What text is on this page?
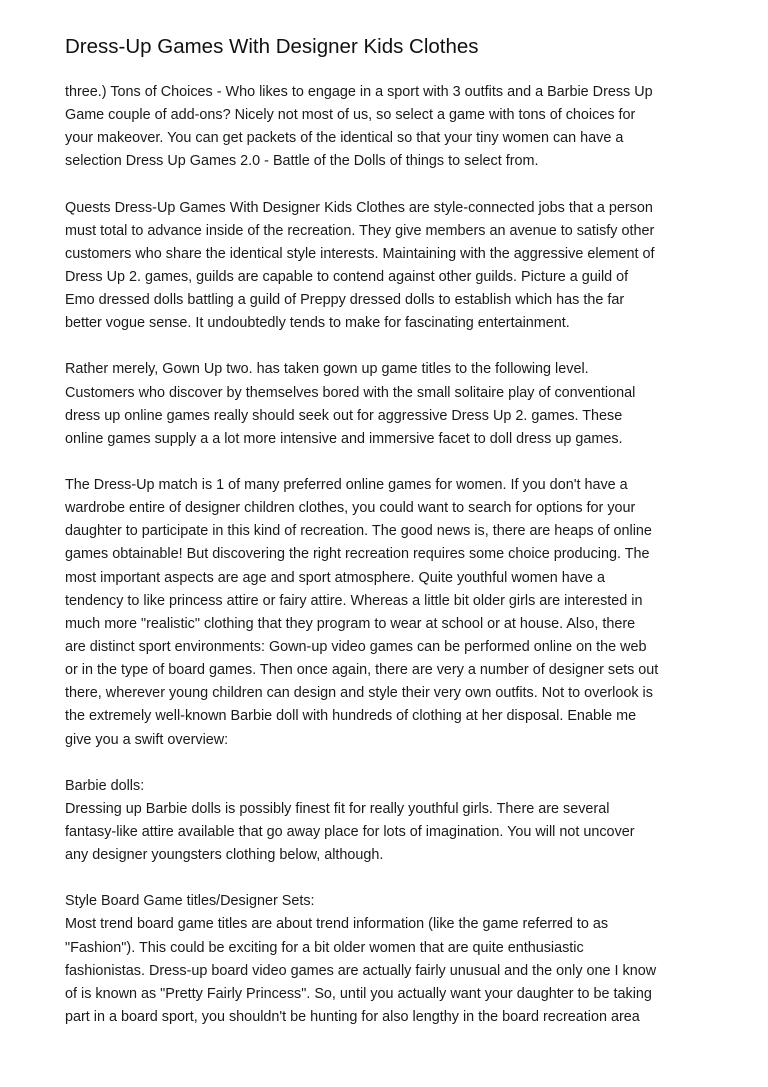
Dress-Up Games With Designer Kids Clothes
three.) Tons of Choices - Who likes to engage in a sport with 3 outfits and a Barbie Dress Up
Game couple of add-ons? Nicely not most of us, so select a game with tons of choices for
your makeover. You can get packets of the identical so that your tiny women can have a
selection Dress Up Games 2.0 - Battle of the Dolls of things to select from.
Quests Dress-Up Games With Designer Kids Clothes are style-connected jobs that a person
must total to advance inside of the recreation. They give members an avenue to satisfy other
customers who share the identical style interests. Maintaining with the aggressive element of
Dress Up 2. games, guilds are capable to contend against other guilds. Picture a guild of
Emo dressed dolls battling a guild of Preppy dressed dolls to establish which has the far
better vogue sense. It undoubtedly tends to make for fascinating entertainment.
Rather merely, Gown Up two. has taken gown up game titles to the following level.
Customers who discover by themselves bored with the small solitaire play of conventional
dress up online games really should seek out for aggressive Dress Up 2. games. These
online games supply a a lot more intensive and immersive facet to doll dress up games.
The Dress-Up match is 1 of many preferred online games for women. If you don't have a
wardrobe entire of designer children clothes, you could want to search for options for your
daughter to participate in this kind of recreation. The good news is, there are heaps of online
games obtainable! But discovering the right recreation requires some choice producing. The
most important aspects are age and sport atmosphere. Quite youthful women have a
tendency to like princess attire or fairy attire. Whereas a little bit older girls are interested in
much more "realistic" clothing that they program to wear at school or at house. Also, there
are distinct sport environments: Gown-up video games can be performed online on the web
or in the type of board games. Then once again, there are very a number of designer sets out
there, wherever young children can design and style their very own outfits. Not to overlook is
the extremely well-known Barbie doll with hundreds of clothing at her disposal. Enable me
give you a swift overview:
Barbie dolls:
Dressing up Barbie dolls is possibly finest fit for really youthful girls. There are several
fantasy-like attire available that go away place for lots of imagination. You will not uncover
any designer youngsters clothing below, although.
Style Board Game titles/Designer Sets:
Most trend board game titles are about trend information (like the game referred to as
"Fashion"). This could be exciting for a bit older women that are quite enthusiastic
fashionistas. Dress-up board video games are actually fairly unusual and the only one I know
of is known as "Pretty Fairly Princess". So, until you actually want your daughter to be taking
part in a board sport, you shouldn't be hunting for also lengthy in the board recreation area
